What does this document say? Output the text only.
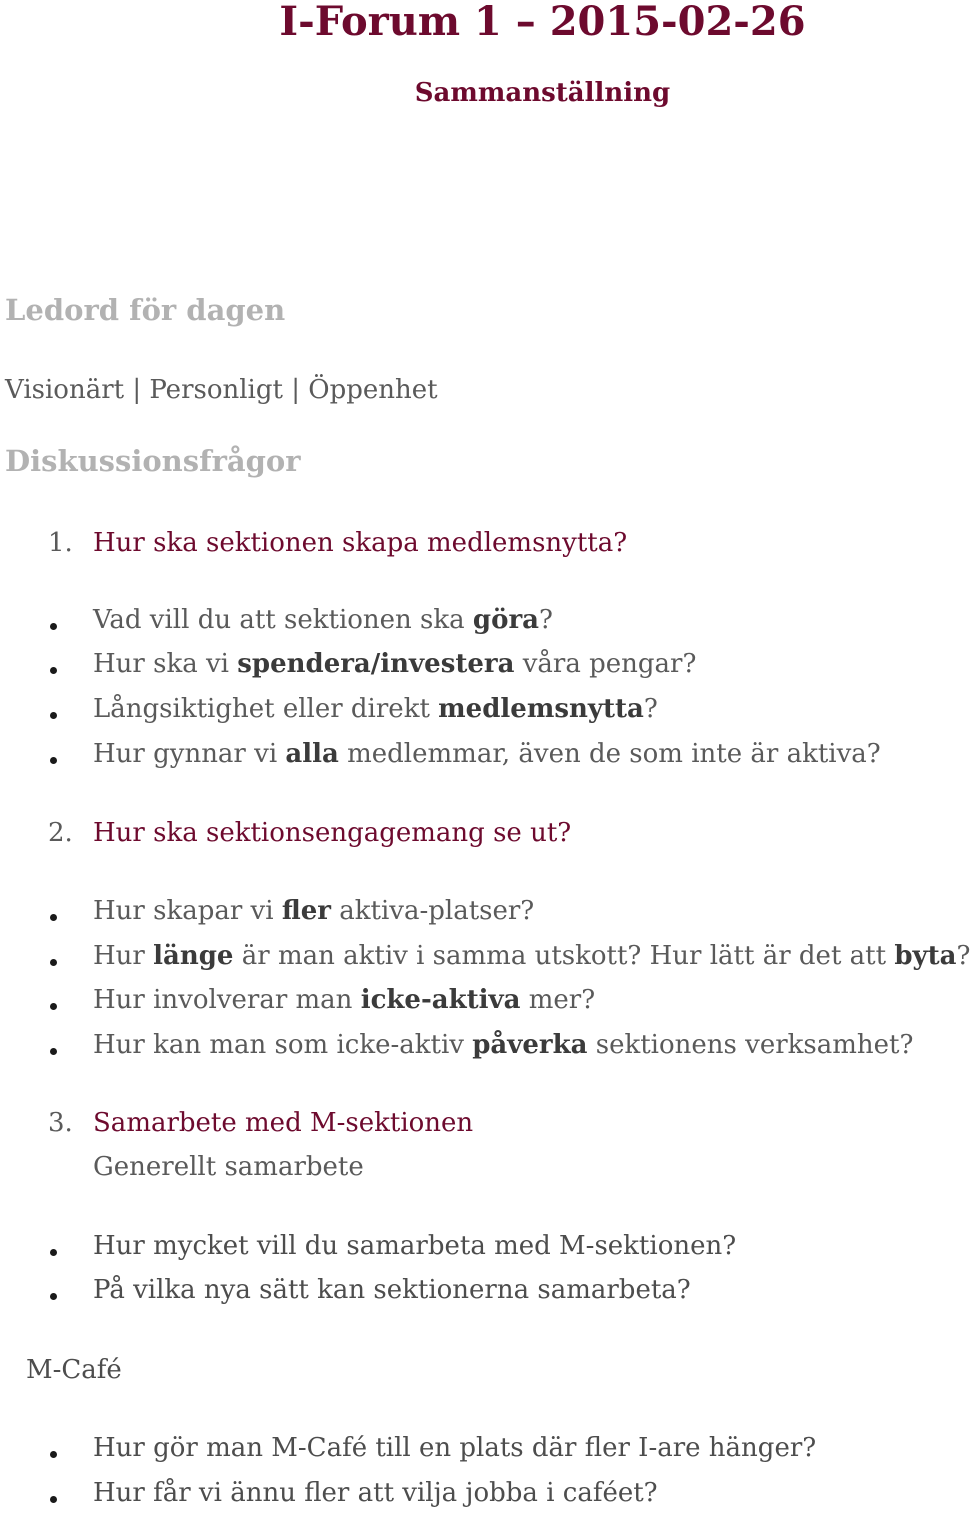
I-Forum 1 – 2015-02-26
Sammanställning
Ledord för dagen
Visionärt | Personligt | Öppenhet
Diskussionsfrågor
1. Hur ska sektionen skapa medlemsnytta?
Vad vill du att sektionen ska göra?
Hur ska vi spendera/investera våra pengar?
Långsiktighet eller direkt medlemsnytta?
Hur gynnar vi alla medlemmar, även de som inte är aktiva?
2. Hur ska sektionsengagemang se ut?
Hur skapar vi fler aktiva-platser?
Hur länge är man aktiv i samma utskott? Hur lätt är det att byta?
Hur involverar man icke-aktiva mer?
Hur kan man som icke-aktiv påverka sektionens verksamhet?
3. Samarbete med M-sektionen
Generellt samarbete
Hur mycket vill du samarbeta med M-sektionen?
På vilka nya sätt kan sektionerna samarbeta?
M-Café
Hur gör man M-Café till en plats där fler I-are hänger?
Hur får vi ännu fler att vilja jobba i caféet?
